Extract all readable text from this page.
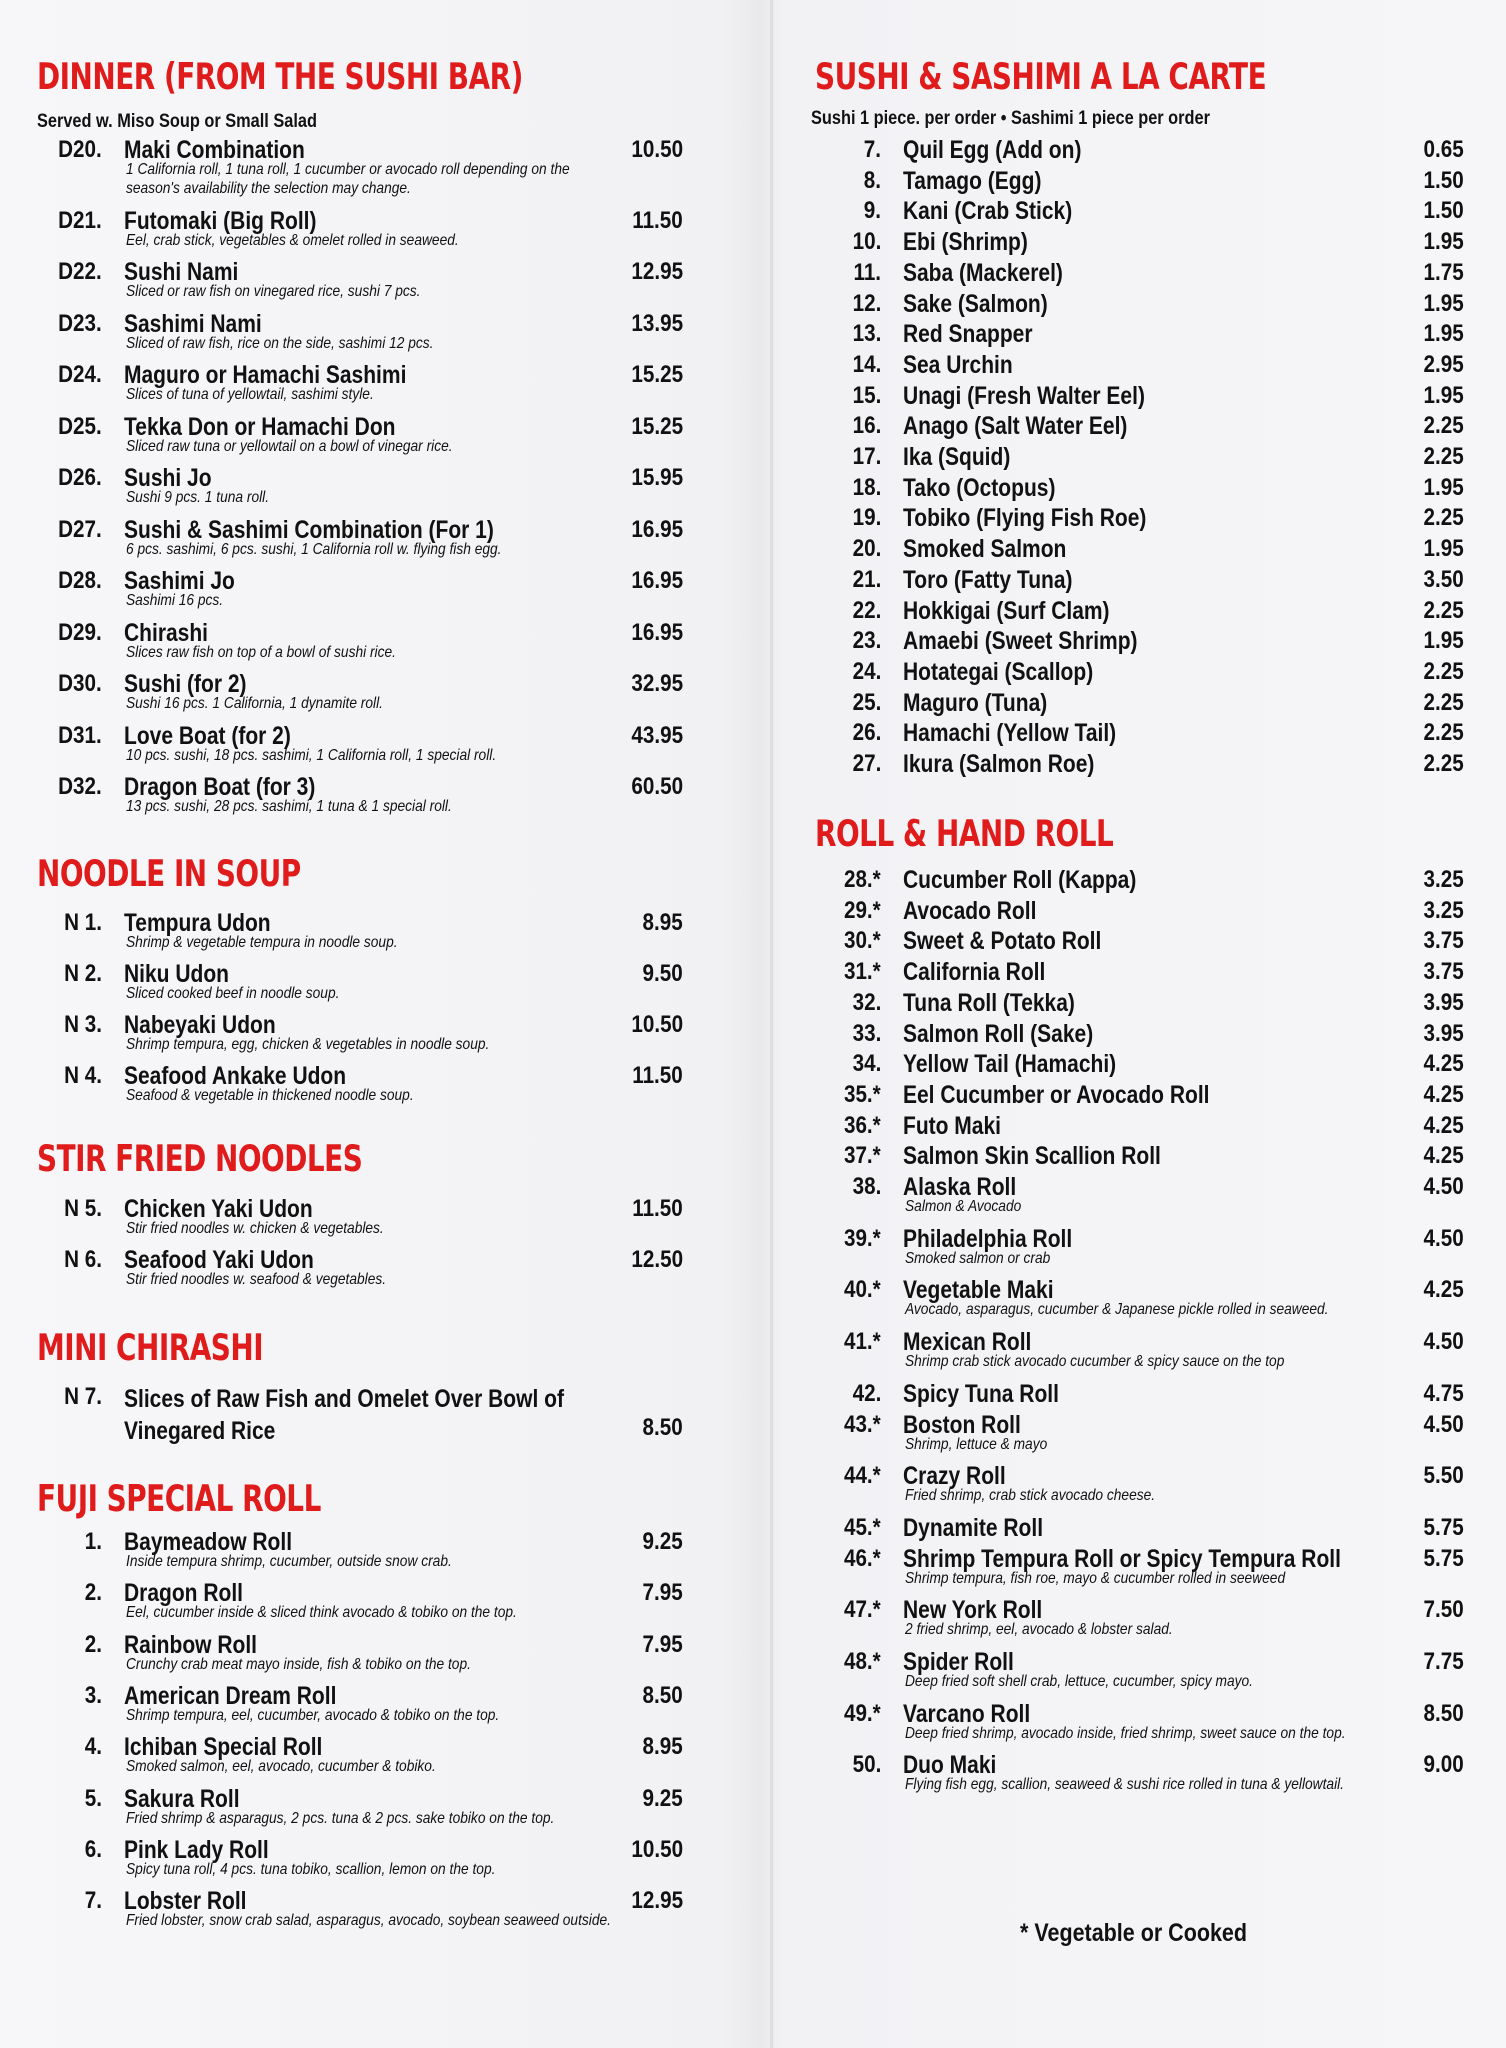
DINNER (FROM THE SUSHI BAR)
Served w. Miso Soup or Small Salad
NOODLE IN SOUP
STIR FRIED NOODLES
MINI CHIRASHI
N 7. Slices of Raw Fish and Omelet Over Bowl of Vinegared Rice	8.50
FUJI SPECIAL ROLL
D20. Maki Combination
1 California roll, 1 tuna roll, 1 cucumber or avocado roll depending on the season's availability the selection may change.
10.50
D21. Futomaki (Big Roll)
Eel, crab stick, vegetables & omelet rolled in seaweed.
11.50
D22. Sushi Nami
Sliced or raw fish on vinegared rice, sushi 7 pcs.
12.95
D23. Sashimi Nami
Sliced of raw fish, rice on the side, sashimi 12 pcs.
13.95
D24. Maguro or Hamachi Sashimi
Slices of tuna of yellowtail, sashimi style.
15.25
D25. Tekka Don or Hamachi Don
Sliced raw tuna or yellowtail on a bowl of vinegar rice.
15.25
D26. Sushi Jo
Sushi 9 pcs. 1 tuna roll.
15.95
D27. Sushi & Sashimi Combination (For 1)
6 pcs. sashimi, 6 pcs. sushi, 1 California roll w. flying fish egg.
16.95
D28. Sashimi Jo
Sashimi 16 pcs.
16.95
D29. Chirashi
Slices raw fish on top of a bowl of sushi rice.
16.95
D30. Sushi (for 2)
Sushi 16 pcs. 1 California, 1 dynamite roll.
32.95
D31. Love Boat (for 2)
10 pcs. sushi, 18 pcs. sashimi, 1 California roll, 1 special roll.
43.95
D32. Dragon Boat (for 3)
13 pcs. sushi, 28 pcs. sashimi, 1 tuna & 1 special roll.
60.50
N 1. Tempura Udon
Shrimp & vegetable tempura in noodle soup.
8.95
N 2. Niku Udon
Sliced cooked beef in noodle soup.
9.50
N 3. Nabeyaki Udon
Shrimp tempura, egg, chicken & vegetables in noodle soup.
10.50
N 4. Seafood Ankake Udon
Seafood & vegetable in thickened noodle soup.
11.50
N 5. Chicken Yaki Udon
Stir fried noodles w. chicken & vegetables.
11.50
N 6. Seafood Yaki Udon
Stir fried noodles w. seafood & vegetables.
12.50
1. Baymeadow Roll
Inside tempura shrimp, cucumber, outside snow crab.
9.25
2. Dragon Roll
Eel, cucumber inside & sliced think avocado & tobiko on the top.
7.95
2. Rainbow Roll
Crunchy crab meat mayo inside, fish & tobiko on the top.
7.95
3. American Dream Roll
Shrimp tempura, eel, cucumber, avocado & tobiko on the top.
8.50
4. Ichiban Special Roll
Smoked salmon, eel, avocado, cucumber & tobiko.
8.95
5. Sakura Roll
Fried shrimp & asparagus, 2 pcs. tuna & 2 pcs. sake tobiko on the top.
9.25
6. Pink Lady Roll
Spicy tuna roll, 4 pcs. tuna tobiko, scallion, lemon on the top.
10.50
7. Lobster Roll
Fried lobster, snow crab salad, asparagus, avocado, soybean seaweed outside.
12.95
SUSHI & SASHIMI A LA CARTE
Sushi 1 piece. per order • Sashimi 1 piece per order
ROLL & HAND ROLL
* Vegetable or Cooked
7. Quil Egg (Add on)	0.65
8. Tamago (Egg)	1.50
9. Kani (Crab Stick)	1.50
10. Ebi (Shrimp)	1.95
11. Saba (Mackerel)	1.75
12. Sake (Salmon)	1.95
13. Red Snapper	1.95
14. Sea Urchin	2.95
15. Unagi (Fresh Walter Eel)	1.95
16. Anago (Salt Water Eel)	2.25
17. Ika (Squid)	2.25
18. Tako (Octopus)	1.95
19. Tobiko (Flying Fish Roe)	2.25
20. Smoked Salmon	1.95
21. Toro (Fatty Tuna)	3.50
22. Hokkigai (Surf Clam)	2.25
23. Amaebi (Sweet Shrimp)	1.95
24. Hotategai (Scallop)	2.25
25. Maguro (Tuna)	2.25
26. Hamachi (Yellow Tail)	2.25
27. Ikura (Salmon Roe)	2.25
28.* Cucumber Roll (Kappa)	3.25
29.* Avocado Roll	3.25
30.* Sweet & Potato Roll	3.75
31.* California Roll	3.75
32. Tuna Roll (Tekka)	3.95
33. Salmon Roll (Sake)	3.95
34. Yellow Tail (Hamachi)	4.25
35.* Eel Cucumber or Avocado Roll	4.25
36.* Futo Maki	4.25
37.* Salmon Skin Scallion Roll	4.25
38. Alaska Roll
Salmon & Avocado
4.50
39.* Philadelphia Roll
Smoked salmon or crab
4.50
40.* Vegetable Maki
Avocado, asparagus, cucumber & Japanese pickle rolled in seaweed.
4.25
41.* Mexican Roll
Shrimp crab stick avocado cucumber & spicy sauce on the top
4.50
42. Spicy Tuna Roll	4.75
43.* Boston Roll
Shrimp, lettuce & mayo
4.50
44.* Crazy Roll
Fried shrimp, crab stick avocado cheese.
5.50
45.* Dynamite Roll	5.75
46.* Shrimp Tempura Roll or Spicy Tempura Roll
Shrimp tempura, fish roe, mayo & cucumber rolled in seeweed
5.75
47.* New York Roll
2 fried shrimp, eel, avocado & lobster salad.
7.50
48.* Spider Roll
Deep fried soft shell crab, lettuce, cucumber, spicy mayo.
7.75
49.* Varcano Roll
Deep fried shrimp, avocado inside, fried shrimp, sweet sauce on the top.
8.50
50. Duo Maki
Flying fish egg, scallion, seaweed & sushi rice rolled in tuna & yellowtail.
9.00
